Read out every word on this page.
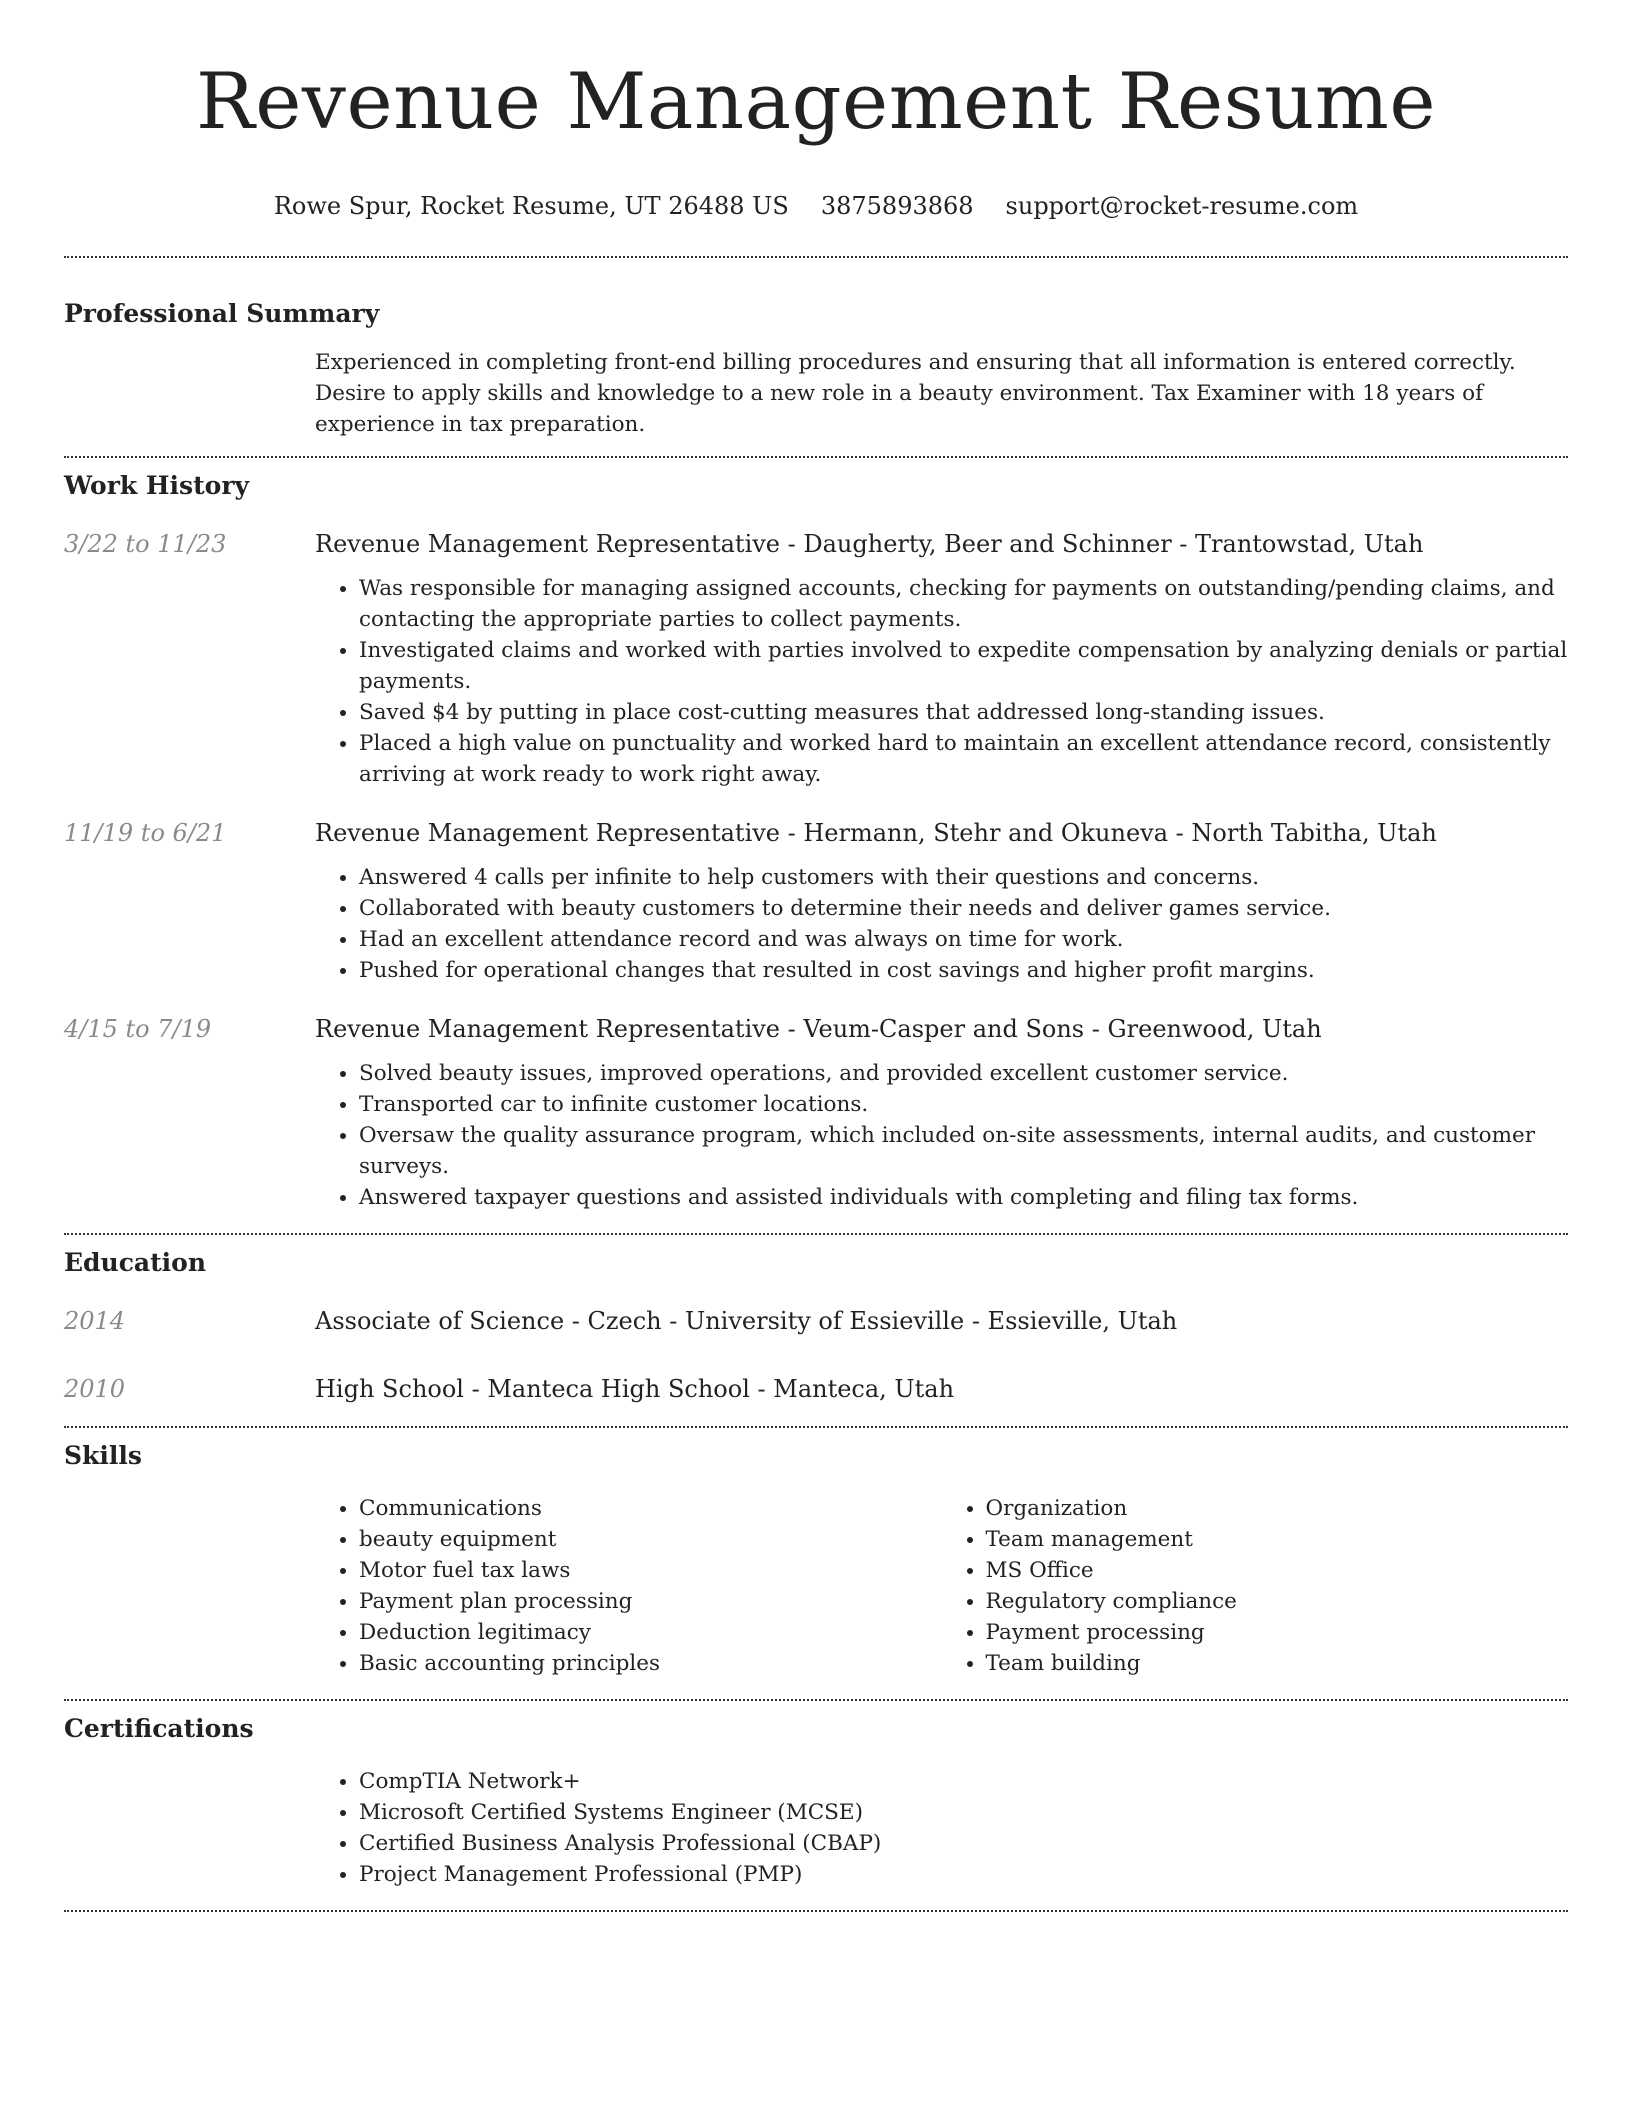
Revenue Management Resume
Rowe Spur, Rocket Resume, UT 26488 US 3875893868 support@rocket-resume.com
Professional Summary

Experienced in completing front-end billing procedures and ensuring that all information is entered correctly. Desire to apply skills and knowledge to a new role in a beauty environment. Tax Examiner with 18 years of experience in tax preparation.

Work History
3/22 to 11/23	Revenue Management Representative - Daugherty, Beer and Schinner - Trantowstad, Utah
• Was responsible for managing assigned accounts, checking for payments on outstanding/pending claims, and contacting the appropriate parties to collect payments.
• Investigated claims and worked with parties involved to expedite compensation by analyzing denials or partial payments.
• Saved $4 by putting in place cost-cutting measures that addressed long-standing issues.
• Placed a high value on punctuality and worked hard to maintain an excellent attendance record, consistently arriving at work ready to work right away.
11/19 to 6/21	Revenue Management Representative - Hermann, Stehr and Okuneva - North Tabitha, Utah
• Answered 4 calls per infinite to help customers with their questions and concerns.
• Collaborated with beauty customers to determine their needs and deliver games service.
• Had an excellent attendance record and was always on time for work.
• Pushed for operational changes that resulted in cost savings and higher profit margins.
4/15 to 7/19	Revenue Management Representative - Veum-Casper and Sons - Greenwood, Utah
• Solved beauty issues, improved operations, and provided excellent customer service.
• Transported car to infinite customer locations.
• Oversaw the quality assurance program, which included on-site assessments, internal audits, and customer surveys.
• Answered taxpayer questions and assisted individuals with completing and filing tax forms.
Education
2014	Associate of Science - Czech - University of Essieville - Essieville, Utah
2010	High School - Manteca High School - Manteca, Utah
Skills
• Communications
• beauty equipment
• Motor fuel tax laws
• Payment plan processing
• Deduction legitimacy
• Basic accounting principles
• Organization
• Team management
• MS Office
• Regulatory compliance
• Payment processing
• Team building
Certifications
• CompTIA Network+
• Microsoft Certified Systems Engineer (MCSE)
• Certified Business Analysis Professional (CBAP)
• Project Management Professional (PMP)
